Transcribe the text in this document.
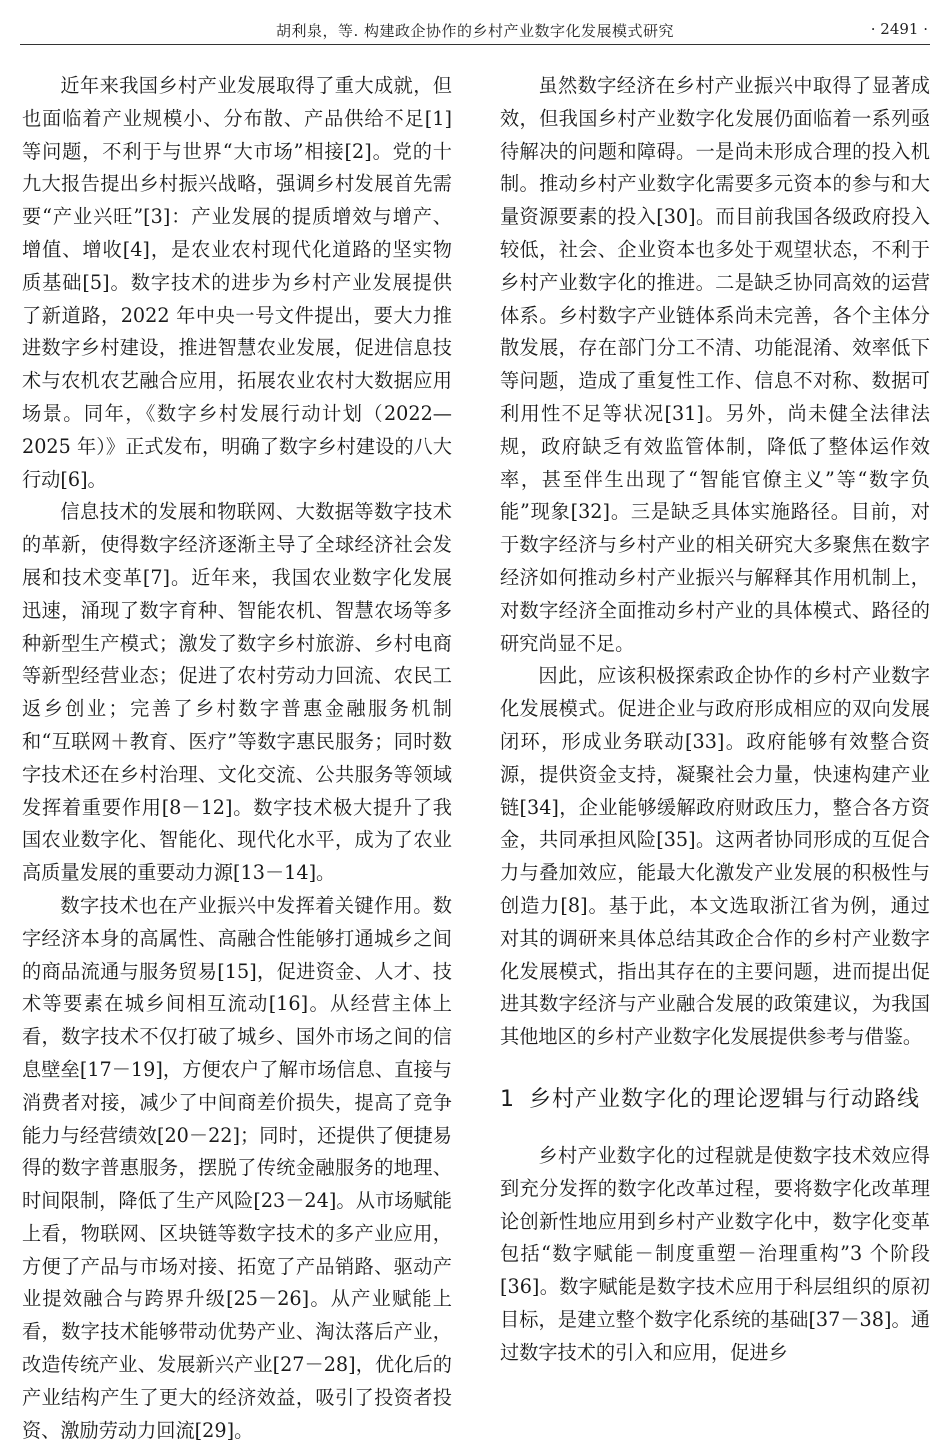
胡利泉，等. 构建政企协作的乡村产业数字化发展模式研究	· 2491 ·

近年来我国乡村产业发展取得了重大成就，但也面临着产业规模小、分布散、产品供给不足[1]等问题，不利于与世界“大市场”相接[2]。党的十九大报告提出乡村振兴战略，强调乡村发展首先需要“产业兴旺”[3]：产业发展的提质增效与增产、增值、增收[4]，是农业农村现代化道路的坚实物质基础[5]。数字技术的进步为乡村产业发展提供了新道路，2022 年中央一号文件提出，要大力推进数字乡村建设，推进智慧农业发展，促进信息技术与农机农艺融合应用，拓展农业农村大数据应用场景。同年，《数字乡村发展行动计划（2022—2025 年）》正式发布，明确了数字乡村建设的八大行动[6]。

信息技术的发展和物联网、大数据等数字技术的革新，使得数字经济逐渐主导了全球经济社会发展和技术变革[7]。近年来，我国农业数字化发展迅速，涌现了数字育种、智能农机、智慧农场等多种新型生产模式；激发了数字乡村旅游、乡村电商等新型经营业态；促进了农村劳动力回流、农民工返乡创业；完善了乡村数字普惠金融服务机制和“互联网＋教育、医疗”等数字惠民服务；同时数字技术还在乡村治理、文化交流、公共服务等领域发挥着重要作用[8－12]。数字技术极大提升了我国农业数字化、智能化、现代化水平，成为了农业高质量发展的重要动力源[13－14]。

数字技术也在产业振兴中发挥着关键作用。数字经济本身的高属性、高融合性能够打通城乡之间的商品流通与服务贸易[15]，促进资金、人才、技术等要素在城乡间相互流动[16]。从经营主体上看，数字技术不仅打破了城乡、国外市场之间的信息壁垒[17－19]，方便农户了解市场信息、直接与消费者对接，减少了中间商差价损失，提高了竞争能力与经营绩效[20－22]；同时，还提供了便捷易得的数字普惠服务，摆脱了传统金融服务的地理、时间限制，降低了生产风险[23－24]。从市场赋能上看，物联网、区块链等数字技术的多产业应用，方便了产品与市场对接、拓宽了产品销路、驱动产业提效融合与跨界升级[25－26]。从产业赋能上看，数字技术能够带动优势产业、淘汰落后产业，改造传统产业、发展新兴产业[27－28]，优化后的产业结构产生了更大的经济效益，吸引了投资者投资、激励劳动力回流[29]。

虽然数字经济在乡村产业振兴中取得了显著成效，但我国乡村产业数字化发展仍面临着一系列亟待解决的问题和障碍。一是尚未形成合理的投入机制。推动乡村产业数字化需要多元资本的参与和大量资源要素的投入[30]。而目前我国各级政府投入较低，社会、企业资本也多处于观望状态，不利于乡村产业数字化的推进。二是缺乏协同高效的运营体系。乡村数字产业链体系尚未完善，各个主体分散发展，存在部门分工不清、功能混淆、效率低下等问题，造成了重复性工作、信息不对称、数据可利用性不足等状况[31]。另外，尚未健全法律法规，政府缺乏有效监管体制，降低了整体运作效率，甚至伴生出现了“智能官僚主义”等“数字负能”现象[32]。三是缺乏具体实施路径。目前，对于数字经济与乡村产业的相关研究大多聚焦在数字经济如何推动乡村产业振兴与解释其作用机制上，对数字经济全面推动乡村产业的具体模式、路径的研究尚显不足。

因此，应该积极探索政企协作的乡村产业数字化发展模式。促进企业与政府形成相应的双向发展闭环，形成业务联动[33]。政府能够有效整合资源，提供资金支持，凝聚社会力量，快速构建产业链[34]，企业能够缓解政府财政压力，整合各方资金，共同承担风险[35]。这两者协同形成的互促合力与叠加效应，能最大化激发产业发展的积极性与创造力[8]。基于此，本文选取浙江省为例，通过对其的调研来具体总结其政企合作的乡村产业数字化发展模式，指出其存在的主要问题，进而提出促进其数字经济与产业融合发展的政策建议，为我国其他地区的乡村产业数字化发展提供参考与借鉴。

1 乡村产业数字化的理论逻辑与行动路线

乡村产业数字化的过程就是使数字技术效应得到充分发挥的数字化改革过程，要将数字化改革理论创新性地应用到乡村产业数字化中，数字化变革包括“数字赋能－制度重塑－治理重构”3 个阶段[36]。数字赋能是数字技术应用于科层组织的原初目标，是建立整个数字化系统的基础[37－38]。通过数字技术的引入和应用，促进乡
